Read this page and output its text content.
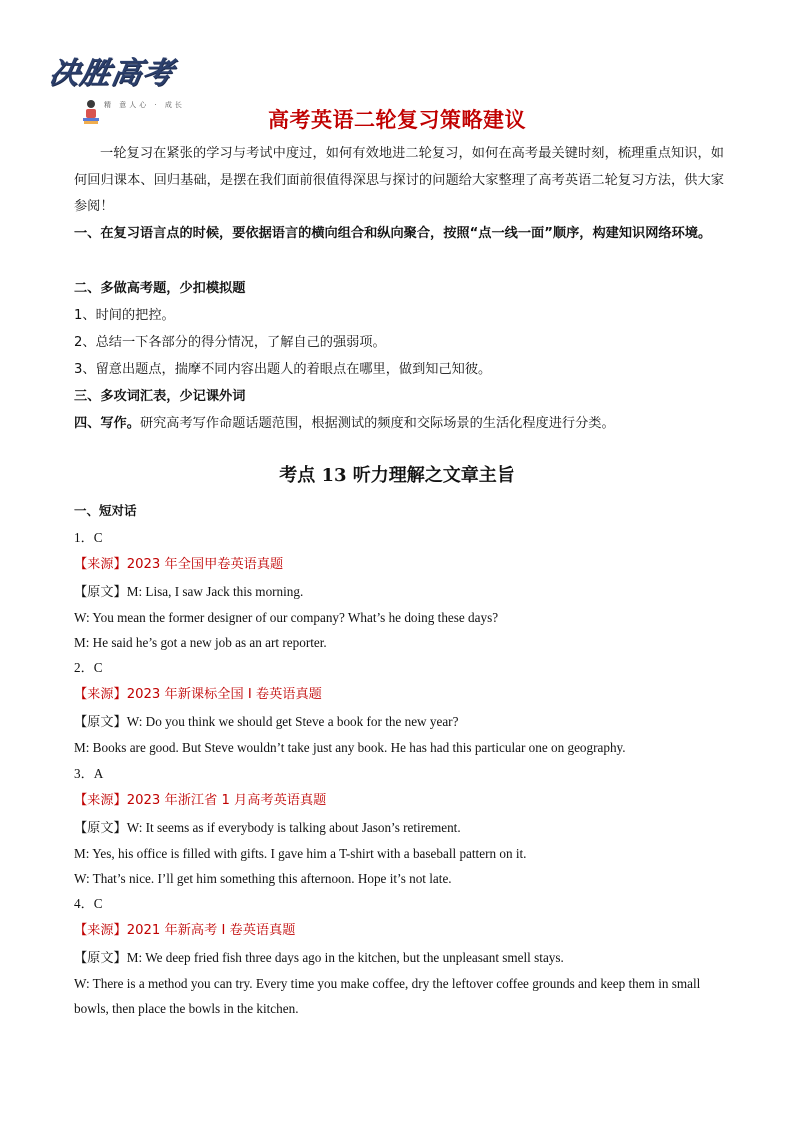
决胜高考
精 意人心 · 成长
高考英语二轮复习策略建议
一轮复习在紧张的学习与考试中度过，如何有效地进二轮复习，如何在高考最关键时刻，梳理重点知识，如何回归课本、回归基础，是摆在我们面前很值得深思与探讨的问题给大家整理了高考英语二轮复习方法，供大家参阅！
一、在复习语言点的时候，要依据语言的横向组合和纵向聚合，按照“点一线一面”顺序，构建知识网络环境。
二、多做高考题，少扣模拟题
1、时间的把控。
2、总结一下各部分的得分情况，了解自己的强弱项。
3、留意出题点，揣摩不同内容出题人的着眼点在哪里，做到知己知彼。
三、多攻词汇表，少记课外词
四、写作。研究高考写作命题话题范围，根据测试的频度和交际场景的生活化程度进行分类。
考点 13 听力理解之文章主旨
一、短对话
1．C
【来源】2023 年全国甲卷英语真题
【原文】M: Lisa, I saw Jack this morning.
W: You mean the former designer of our company? What’s he doing these days?
M: He said he’s got a new job as an art reporter.
2．C
【来源】2023 年新课标全国 I 卷英语真题
【原文】W: Do you think we should get Steve a book for the new year?
M: Books are good. But Steve wouldn’t take just any book. He has had this particular one on geography.
3．A
【来源】2023 年浙江省 1 月高考英语真题
【原文】W: It seems as if everybody is talking about Jason’s retirement.
M: Yes, his office is filled with gifts. I gave him a T-shirt with a baseball pattern on it.
W: That’s nice. I’ll get him something this afternoon. Hope it’s not late.
4．C
【来源】2021 年新高考 I 卷英语真题
【原文】M: We deep fried fish three days ago in the kitchen, but the unpleasant smell stays.
W: There is a method you can try. Every time you make coffee, dry the leftover coffee grounds and keep them in small bowls, then place the bowls in the kitchen.
